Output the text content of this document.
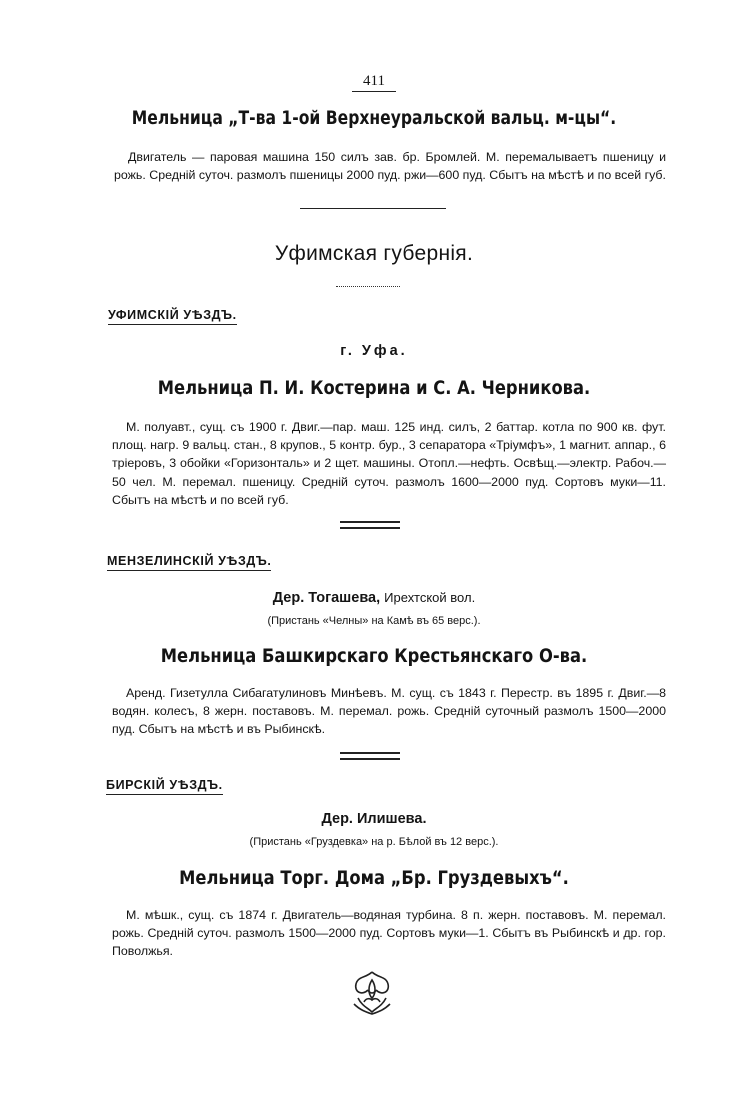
411
Мельница „Т-ва 1-ой Верхнеуральской вальц. м-цы“.
Двигатель — паровая машина 150 силъ зав. бр. Бромлей. М. перемалываетъ пшеницу и рожь. Средній суточ. размолъ пшеницы 2000 пуд. ржи—600 пуд. Сбытъ на мѣстѣ и по всей губ.
Уфимская губернія.
УФИМСКІЙ УѢЗДЪ.
г. Уфа.
Мельница П. И. Костерина и С. А. Черникова.
М. полуавт., сущ. съ 1900 г. Двиг.—пар. маш. 125 инд. силъ, 2 баттар. котла по 900 кв. фут. площ. нагр. 9 вальц. стан., 8 крупов., 5 контр. бур., 3 сепаратора «Тріумфъ», 1 магнит. аппар., 6 тріеровъ, 3 обойки «Горизонталь» и 2 щет. машины. Отопл.—нефть. Освѣщ.—электр. Рабоч.—50 чел. М. перемал. пшеницу. Средній суточ. размолъ 1600—2000 пуд. Сортовъ муки—11. Сбытъ на мѣстѣ и по всей губ.
МЕНЗЕЛИНСКІЙ УѢЗДЪ.
Дер. Тогашева, Ирехтской вол.
(Пристань «Челны» на Камѣ въ 65 верс.).
Мельница Башкирскаго Крестьянскаго О-ва.
Аренд. Гизетулла Сибагатулиновъ Минѣевъ. М. сущ. съ 1843 г. Перестр. въ 1895 г. Двиг.—8 водян. колесъ, 8 жерн. поставовъ. М. перемал. рожь. Средній суточный размолъ 1500—2000 пуд. Сбытъ на мѣстѣ и въ Рыбинскѣ.
БИРСКІЙ УѢЗДЪ.
Дер. Илишева.
(Пристань «Груздевка» на р. Бѣлой въ 12 верс.).
Мельница Торг. Дома „Бр. Груздевыхъ“.
М. мѣшк., сущ. съ 1874 г. Двигатель—водяная турбина. 8 п. жерн. поставовъ. М. перемал. рожь. Средній суточ. размолъ 1500—2000 пуд. Сортовъ муки—1. Сбытъ въ Рыбинскѣ и др. гор. Поволжья.
